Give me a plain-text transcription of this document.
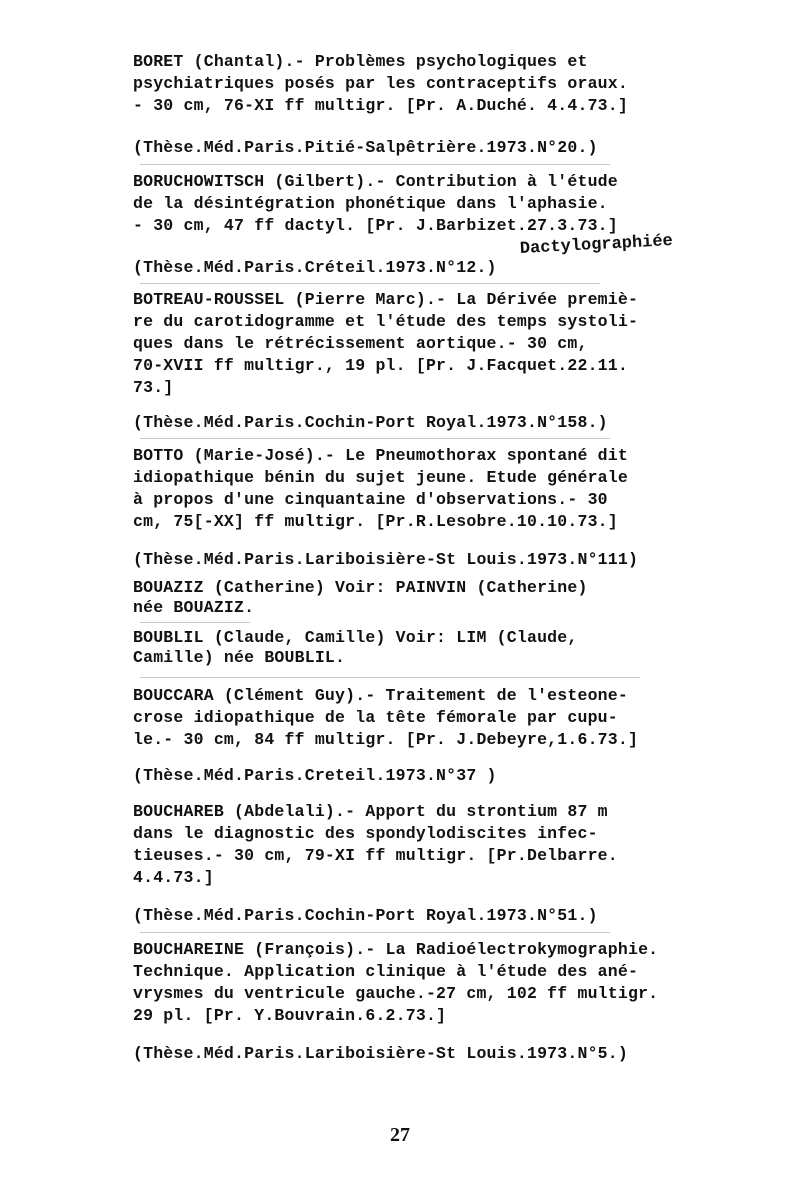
BORET (Chantal).- Problèmes psychologiques et
psychiatriques posés par les contraceptifs oraux.
- 30 cm, 76-XI ff multigr. [Pr. A.Duché. 4.4.73.]
(Thèse.Méd.Paris.Pitié-Salpêtrière.1973.N°20.)
BORUCHOWITSCH (Gilbert).- Contribution à l'étude
de la désintégration phonétique dans l'aphasie.
- 30 cm, 47 ff dactyl. [Pr. J.Barbizet.27.3.73.]
Dactylographiée
(Thèse.Méd.Paris.Créteil.1973.N°12.)
BOTREAU-ROUSSEL (Pierre Marc).- La Dérivée premiè-
re du carotidogramme et l'étude des temps systoli-
ques dans le rétrécissement aortique.- 30 cm,
70-XVII ff multigr., 19 pl. [Pr. J.Facquet.22.11.
73.]
(Thèse.Méd.Paris.Cochin-Port Royal.1973.N°158.)
BOTTO (Marie-José).- Le Pneumothorax spontané dit
idiopathique bénin du sujet jeune. Etude générale
à propos d'une cinquantaine d'observations.- 30
cm, 75[-XX] ff multigr. [Pr.R.Lesobre.10.10.73.]
(Thèse.Méd.Paris.Lariboisière-St Louis.1973.N°111)
BOUAZIZ (Catherine) Voir: PAINVIN (Catherine)
née BOUAZIZ.
BOUBLIL (Claude, Camille) Voir: LIM (Claude,
Camille) née BOUBLIL.
BOUCCARA (Clément Guy).- Traitement de l'esteone-
crose idiopathique de la tête fémorale par cupu-
le.- 30 cm, 84 ff multigr. [Pr. J.Debeyre,1.6.73.]
(Thèse.Méd.Paris.Creteil.1973.N°37 )
BOUCHAREB (Abdelali).- Apport du strontium 87 m
dans le diagnostic des spondylodiscites infec-
tieuses.- 30 cm, 79-XI ff multigr. [Pr.Delbarre.
4.4.73.]
(Thèse.Méd.Paris.Cochin-Port Royal.1973.N°51.)
BOUCHAREINE (François).- La Radioélectrokymographie.
Technique. Application clinique à l'étude des ané-
vrysmes du ventricule gauche.-27 cm, 102 ff multigr.
29 pl. [Pr. Y.Bouvrain.6.2.73.]
(Thèse.Méd.Paris.Lariboisière-St Louis.1973.N°5.)
27
